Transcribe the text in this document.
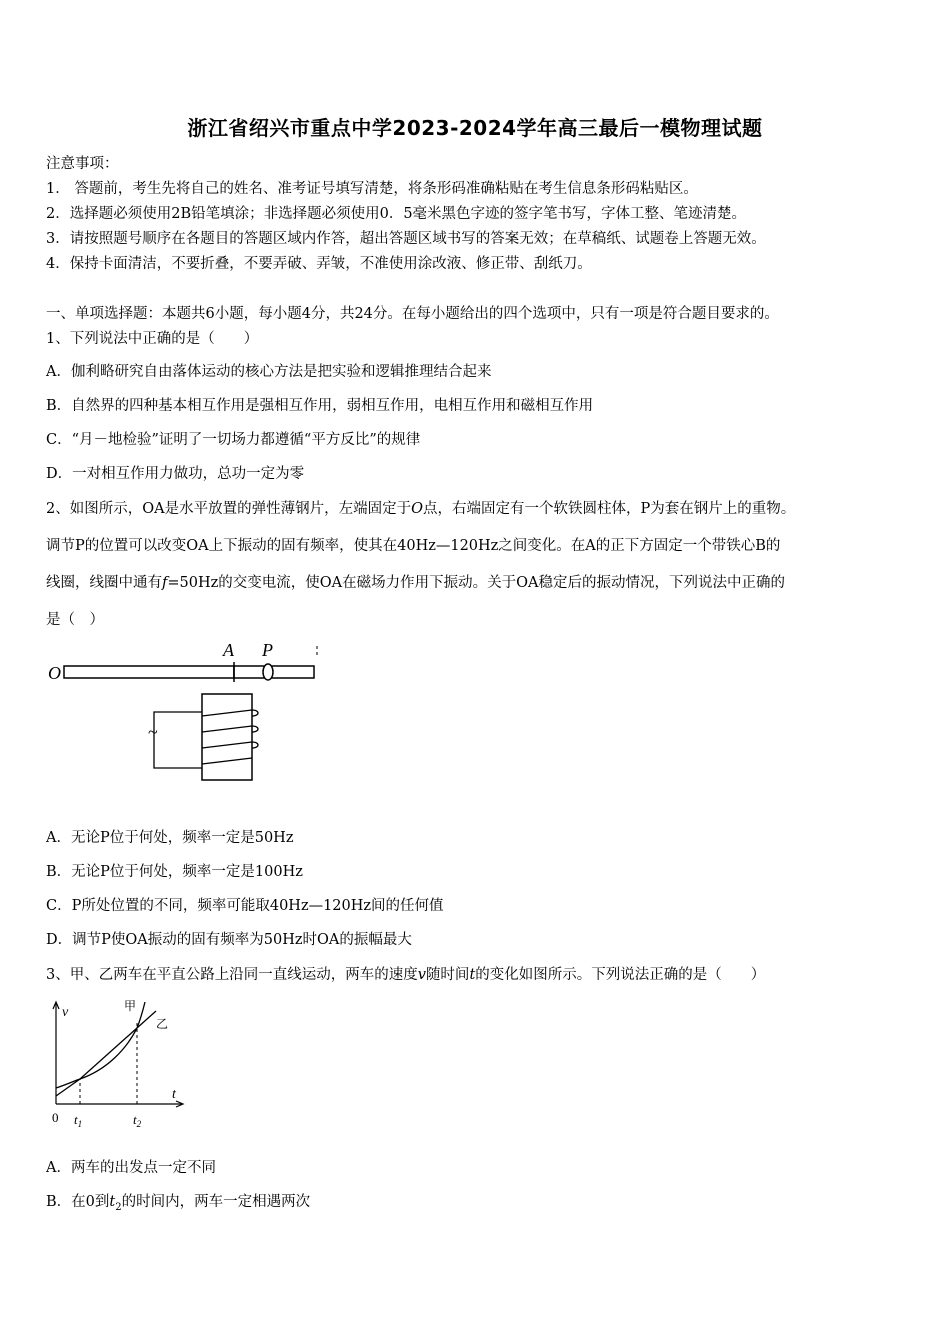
浙江省绍兴市重点中学2023-2024学年高三最后一模物理试题
注意事项：
1． 答题前，考生先将自己的姓名、准考证号填写清楚，将条形码准确粘贴在考生信息条形码粘贴区。
2．选择题必须使用2B铅笔填涂；非选择题必须使用0．5毫米黑色字迹的签字笔书写，字体工整、笔迹清楚。
3．请按照题号顺序在各题目的答题区域内作答，超出答题区域书写的答案无效；在草稿纸、试题卷上答题无效。
4．保持卡面清洁，不要折叠，不要弄破、弄皱，不准使用涂改液、修正带、刮纸刀。
一、单项选择题：本题共6小题，每小题4分，共24分。在每小题给出的四个选项中，只有一项是符合题目要求的。
1、下列说法中正确的是（　　）
A．伽利略研究自由落体运动的核心方法是把实验和逻辑推理结合起来
B．自然界的四种基本相互作用是强相互作用，弱相互作用，电相互作用和磁相互作用
C．“月－地检验”证明了一切场力都遵循“平方反比”的规律
D．一对相互作用力做功，总功一定为零
2、如图所示，OA是水平放置的弹性薄钢片，左端固定于O点，右端固定有一个软铁圆柱体，P为套在钢片上的重物。
调节P的位置可以改变OA上下振动的固有频率，使其在40Hz—120Hz之间变化。在A的正下方固定一个带铁心B的
线圈，线圈中通有f=50Hz的交变电流，使OA在磁场力作用下振动。关于OA稳定后的振动情况，下列说法中正确的
是（　）
O
A P
~
A．无论P位于何处，频率一定是50Hz
B．无论P位于何处，频率一定是100Hz
C．P所处位置的不同，频率可能取40Hz—120Hz间的任何值
D．调节P使OA振动的固有频率为50Hz时OA的振幅最大
3、甲、乙两车在平直公路上沿同一直线运动，两车的速度v随时间t的变化如图所示。下列说法正确的是（　　）
v
t
0 $t_1$	$t_2$
甲
乙
A．两车的出发点一定不同
B．在0到$t_2$的时间内，两车一定相遇两次
